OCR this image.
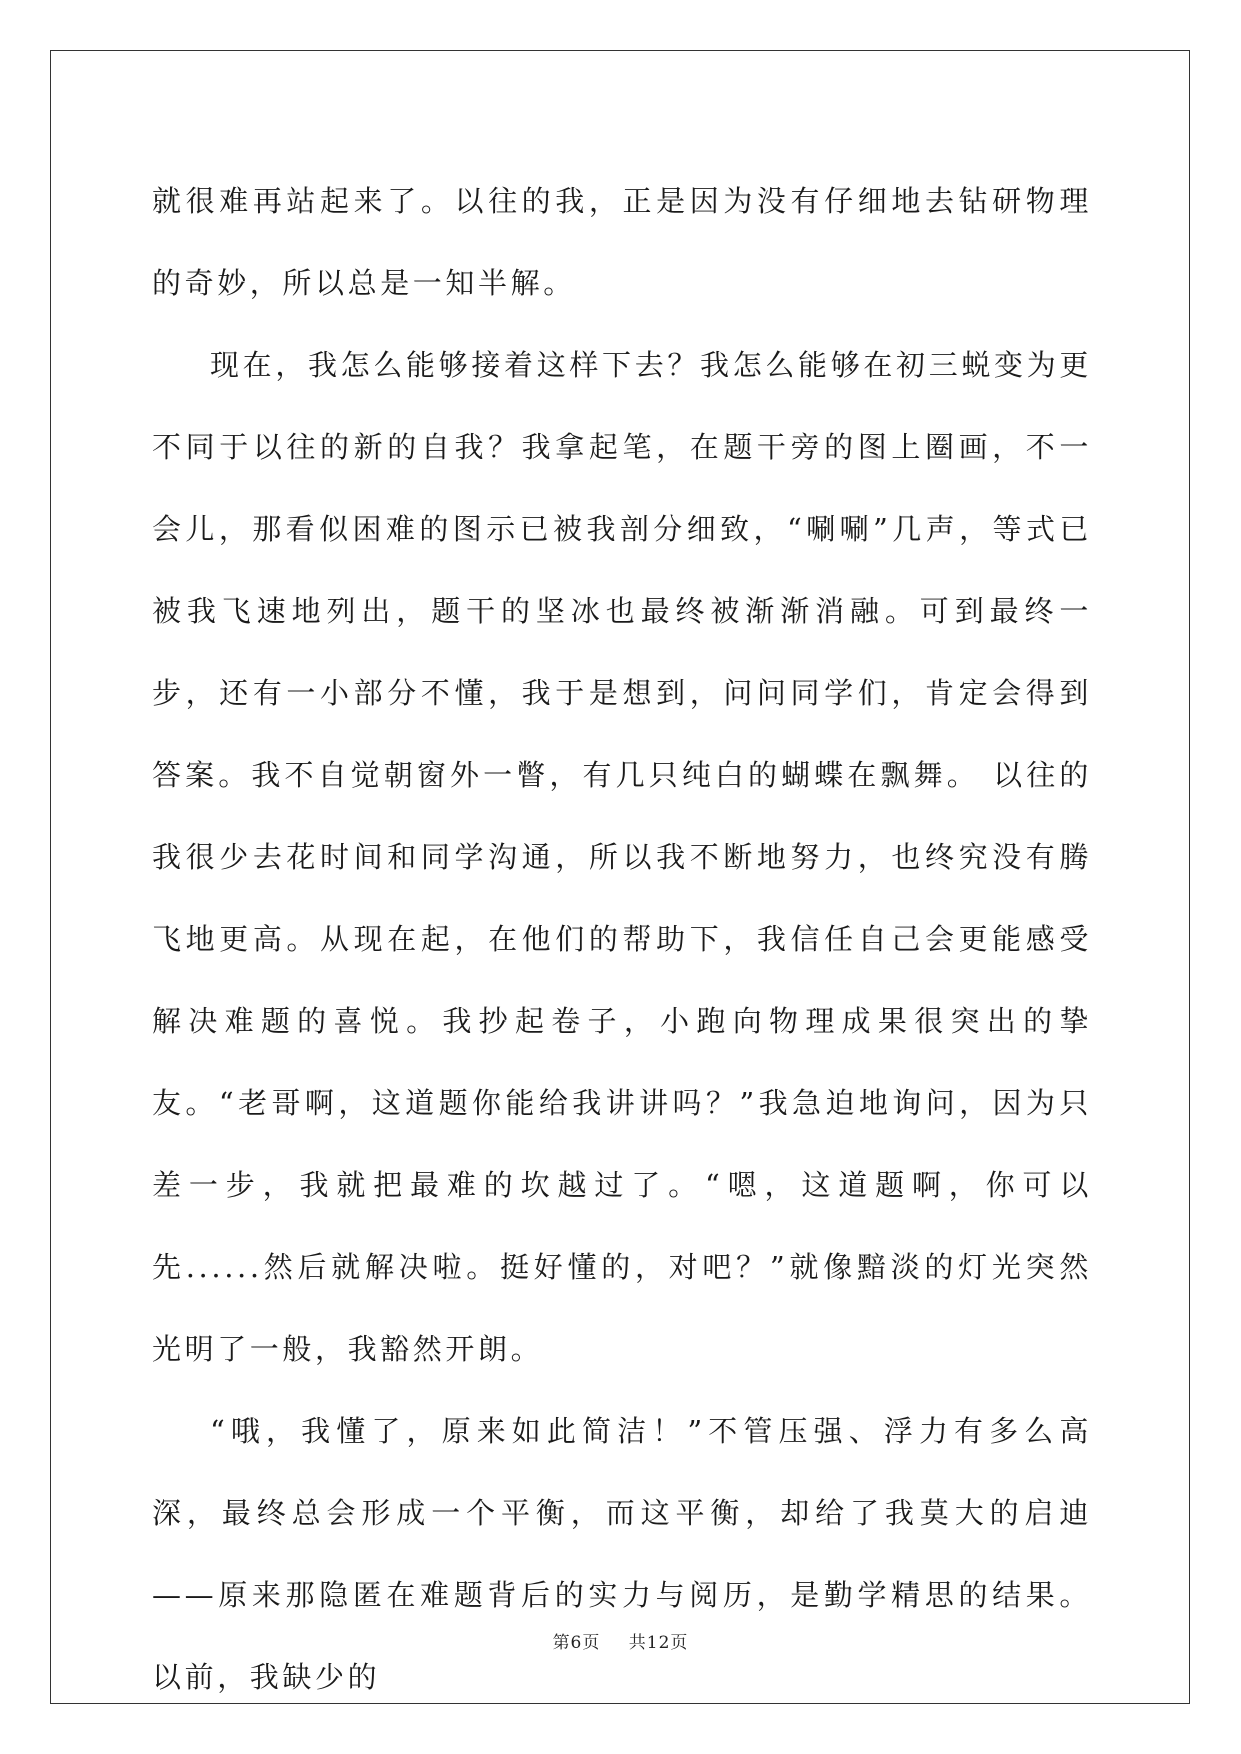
就很难再站起来了。以往的我，正是因为没有仔细地去钻研物理的奇妙，所以总是一知半解。

现在，我怎么能够接着这样下去？我怎么能够在初三蜕变为更不同于以往的新的自我？我拿起笔，在题干旁的图上圈画，不一会儿，那看似困难的图示已被我剖分细致，“唰唰”几声，等式已被我飞速地列出，题干的坚冰也最终被渐渐消融。可到最终一步，还有一小部分不懂，我于是想到，问问同学们，肯定会得到答案。我不自觉朝窗外一瞥，有几只纯白的蝴蝶在飘舞。 以往的我很少去花时间和同学沟通，所以我不断地努力，也终究没有腾飞地更高。从现在起，在他们的帮助下，我信任自己会更能感受解决难题的喜悦。我抄起卷子，小跑向物理成果很突出的挚友。“老哥啊，这道题你能给我讲讲吗？”我急迫地询问，因为只差一步，我就把最难的坎越过了。“嗯，这道题啊，你可以先......然后就解决啦。挺好懂的，对吧？”就像黯淡的灯光突然光明了一般，我豁然开朗。

“哦，我懂了，原来如此简洁！”不管压强、浮力有多么高深，最终总会形成一个平衡，而这平衡，却给了我莫大的启迪——原来那隐匿在难题背后的实力与阅历，是勤学精思的结果。以前，我缺少的

第6页 共12页
